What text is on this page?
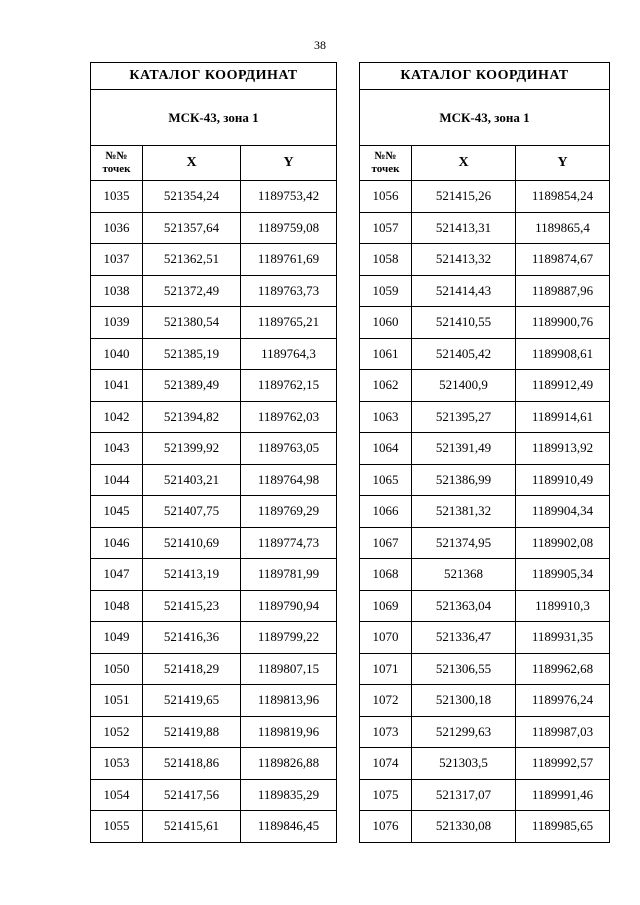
38
КАТАЛОГ КООРДИНАТ		
МСК-43, зона 1		
№№
точек	X	Y
1035	521354,24	1189753,42
1036	521357,64	1189759,08
1037	521362,51	1189761,69
1038	521372,49	1189763,73
1039	521380,54	1189765,21
1040	521385,19	1189764,3
1041	521389,49	1189762,15
1042	521394,82	1189762,03
1043	521399,92	1189763,05
1044	521403,21	1189764,98
1045	521407,75	1189769,29
1046	521410,69	1189774,73
1047	521413,19	1189781,99
1048	521415,23	1189790,94
1049	521416,36	1189799,22
1050	521418,29	1189807,15
1051	521419,65	1189813,96
1052	521419,88	1189819,96
1053	521418,86	1189826,88
1054	521417,56	1189835,29
1055	521415,61	1189846,45
КАТАЛОГ КООРДИНАТ		
МСК-43, зона 1		
№№
точек	X	Y
1056	521415,26	1189854,24
1057	521413,31	1189865,4
1058	521413,32	1189874,67
1059	521414,43	1189887,96
1060	521410,55	1189900,76
1061	521405,42	1189908,61
1062	521400,9	1189912,49
1063	521395,27	1189914,61
1064	521391,49	1189913,92
1065	521386,99	1189910,49
1066	521381,32	1189904,34
1067	521374,95	1189902,08
1068	521368	1189905,34
1069	521363,04	1189910,3
1070	521336,47	1189931,35
1071	521306,55	1189962,68
1072	521300,18	1189976,24
1073	521299,63	1189987,03
1074	521303,5	1189992,57
1075	521317,07	1189991,46
1076	521330,08	1189985,65
